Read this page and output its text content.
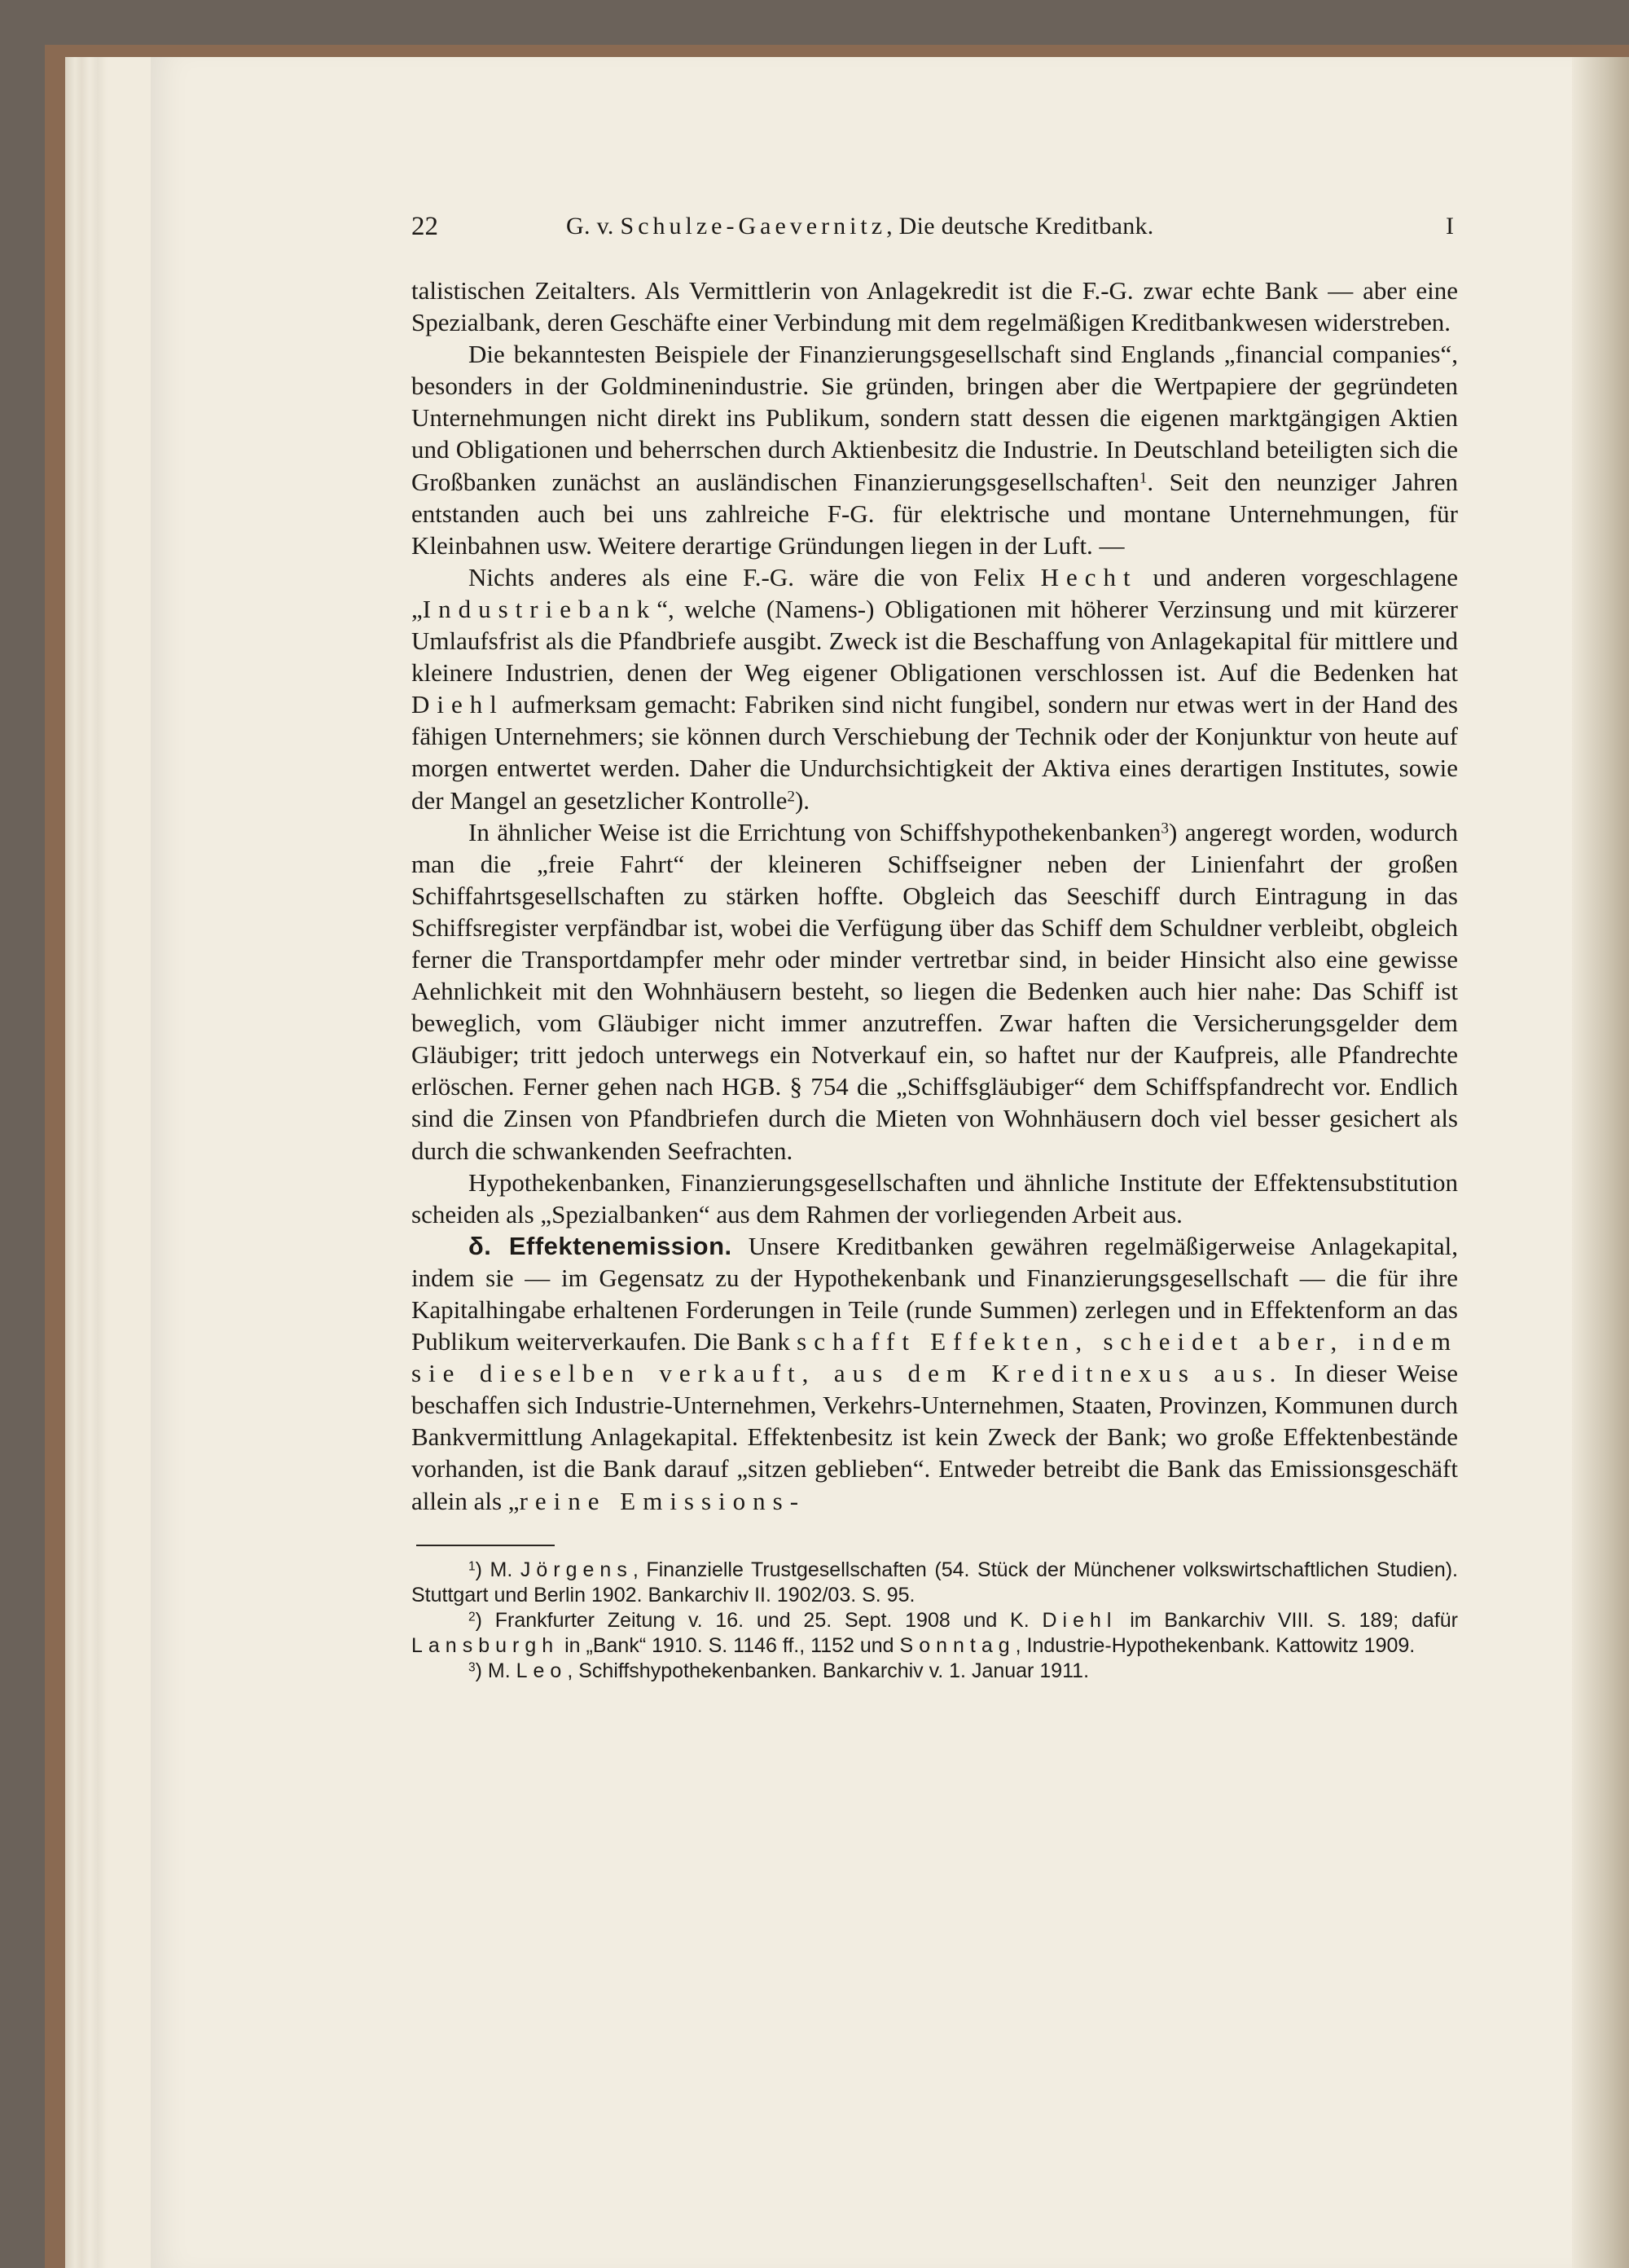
22	G. v. Schulze-Gaevernitz, Die deutsche Kreditbank.	I

talistischen Zeitalters. Als Vermittlerin von Anlagekredit ist die F.-G. zwar echte Bank — aber eine Spezialbank, deren Geschäfte einer Verbindung mit dem regelmäßigen Kreditbankwesen widerstreben.

Die bekanntesten Beispiele der Finanzierungsgesellschaft sind Englands „financial companies“, besonders in der Goldminenindustrie. Sie gründen, bringen aber die Wertpapiere der gegründeten Unternehmungen nicht direkt ins Publikum, sondern statt dessen die eigenen marktgängigen Aktien und Obligationen und beherrschen durch Aktienbesitz die Industrie. In Deutschland beteiligten sich die Großbanken zunächst an ausländischen Finanzierungsgesellschaften$^1$. Seit den neunziger Jahren entstanden auch bei uns zahlreiche F-G. für elektrische und montane Unternehmungen, für Kleinbahnen usw. Weitere derartige Gründungen liegen in der Luft. —

Nichts anderes als eine F.-G. wäre die von Felix Hecht und anderen vorgeschlagene „Industriebank“, welche (Namens-) Obligationen mit höherer Verzinsung und mit kürzerer Umlaufsfrist als die Pfandbriefe ausgibt. Zweck ist die Beschaffung von Anlagekapital für mittlere und kleinere Industrien, denen der Weg eigener Obligationen verschlossen ist. Auf die Bedenken hat Diehl aufmerksam gemacht: Fabriken sind nicht fungibel, sondern nur etwas wert in der Hand des fähigen Unternehmers; sie können durch Verschiebung der Technik oder der Konjunktur von heute auf morgen entwertet werden. Daher die Undurchsichtigkeit der Aktiva eines derartigen Institutes, sowie der Mangel an gesetzlicher Kontrolle$^2$).

In ähnlicher Weise ist die Errichtung von Schiffshypothekenbanken$^3$) angeregt worden, wodurch man die „freie Fahrt“ der kleineren Schiffseigner neben der Linienfahrt der großen Schiffahrtsgesellschaften zu stärken hoffte. Obgleich das Seeschiff durch Eintragung in das Schiffsregister verpfändbar ist, wobei die Verfügung über das Schiff dem Schuldner verbleibt, obgleich ferner die Transportdampfer mehr oder minder vertretbar sind, in beider Hinsicht also eine gewisse Aehnlichkeit mit den Wohnhäusern besteht, so liegen die Bedenken auch hier nahe: Das Schiff ist beweglich, vom Gläubiger nicht immer anzutreffen. Zwar haften die Versicherungsgelder dem Gläubiger; tritt jedoch unterwegs ein Notverkauf ein, so haftet nur der Kaufpreis, alle Pfandrechte erlöschen. Ferner gehen nach HGB. § 754 die „Schiffsgläubiger“ dem Schiffspfandrecht vor. Endlich sind die Zinsen von Pfandbriefen durch die Mieten von Wohnhäusern doch viel besser gesichert als durch die schwankenden Seefrachten.

Hypothekenbanken, Finanzierungsgesellschaften und ähnliche Institute der Effektensubstitution scheiden als „Spezialbanken“ aus dem Rahmen der vorliegenden Arbeit aus.

δ. Effektenemission. Unsere Kreditbanken gewähren regelmäßigerweise Anlagekapital, indem sie — im Gegensatz zu der Hypothekenbank und Finanzierungsgesellschaft — die für ihre Kapitalhingabe erhaltenen Forderungen in Teile (runde Summen) zerlegen und in Effektenform an das Publikum weiterverkaufen. Die Bank schafft Effekten, scheidet aber, indem sie dieselben verkauft, aus dem Kreditnexus aus. In dieser Weise beschaffen sich Industrie-Unternehmen, Verkehrs-Unternehmen, Staaten, Provinzen, Kommunen durch Bankvermittlung Anlagekapital. Effektenbesitz ist kein Zweck der Bank; wo große Effektenbestände vorhanden, ist die Bank darauf „sitzen geblieben“. Entweder betreibt die Bank das Emissionsgeschäft allein als „reine Emissions-

$^1$) M. Jörgens, Finanzielle Trustgesellschaften (54. Stück der Münchener volkswirtschaftlichen Studien). Stuttgart und Berlin 1902. Bankarchiv II. 1902/03. S. 95.

$^2$) Frankfurter Zeitung v. 16. und 25. Sept. 1908 und K. Diehl im Bankarchiv VIII. S. 189; dafür Lansburgh in „Bank“ 1910. S. 1146 ff., 1152 und Sonntag, Industrie-Hypothekenbank. Kattowitz 1909.

$^3$) M. Leo, Schiffshypothekenbanken. Bankarchiv v. 1. Januar 1911.
